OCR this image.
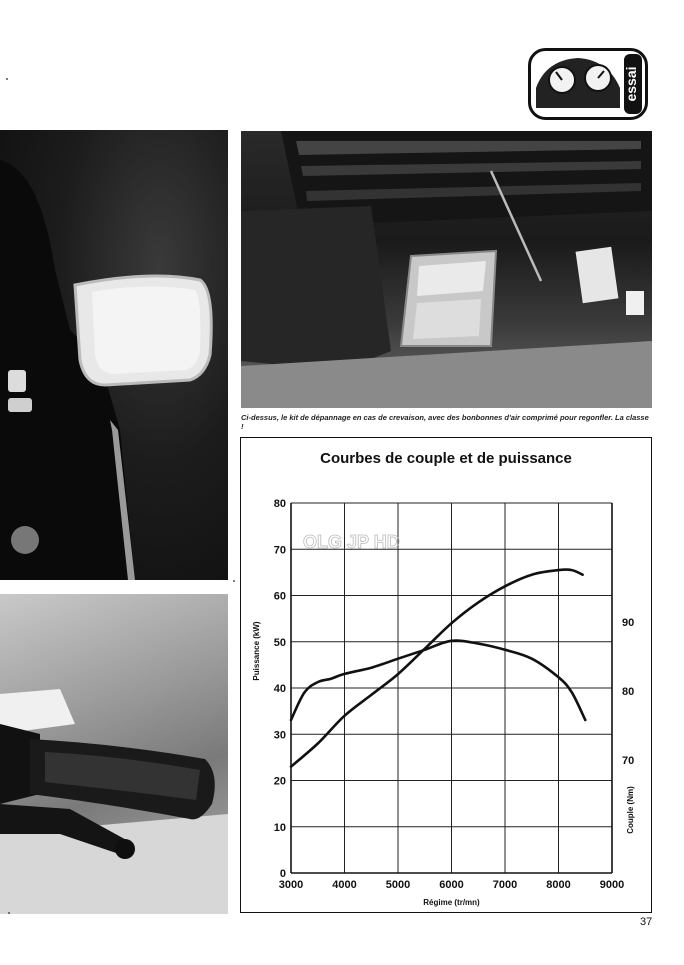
essai
Ci-dessus, le kit de dépannage en cas de crevaison, avec des bonbonnes d'air comprimé pour regonfler. La classe !
Courbes de couple et de puissance
3000	4000	5000	6000	7000	8000	9000
0
10
20
30
40
50
60
70
80
70
80
90
Régime (tr/mn)
Puissance (kW)
Couple (Nm)
OLG JP HD
37
